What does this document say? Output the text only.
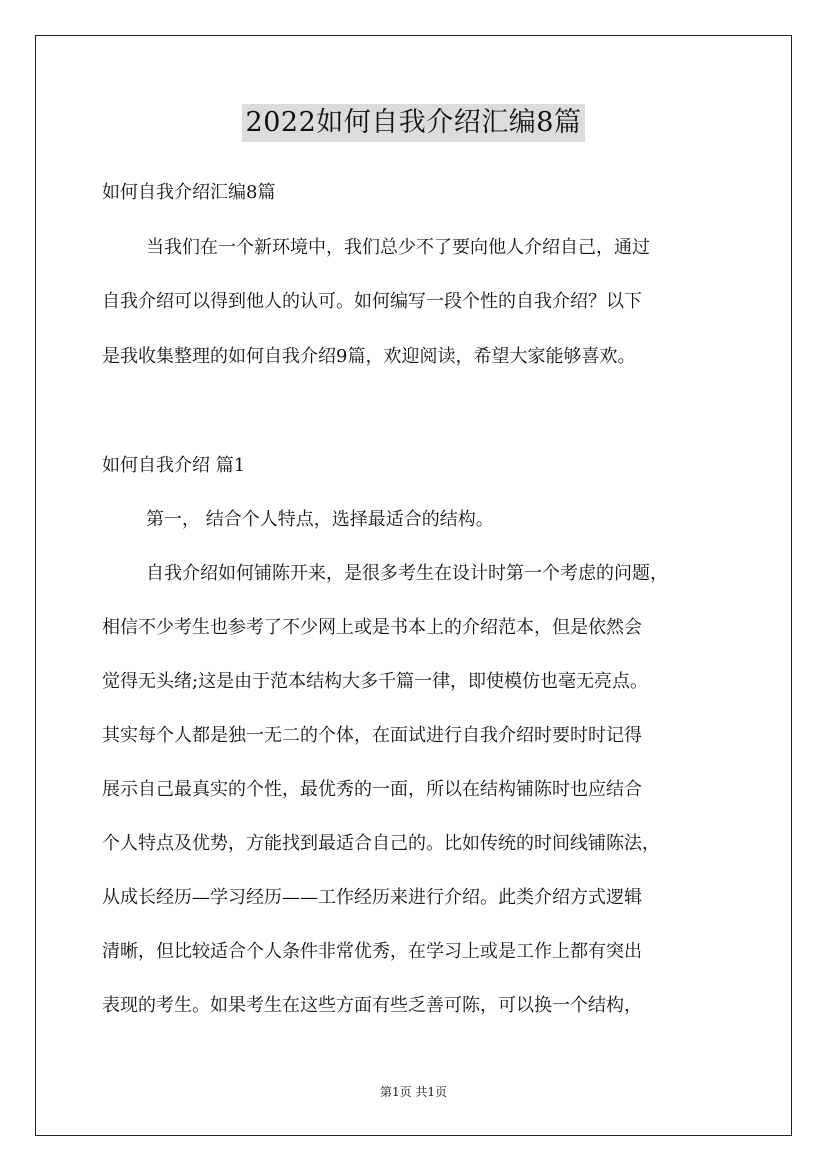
2022如何自我介绍汇编8篇
如何自我介绍汇编8篇
当我们在一个新环境中，我们总少不了要向他人介绍自己，通过
自我介绍可以得到他人的认可。如何编写一段个性的自我介绍？以下
是我收集整理的如何自我介绍9篇，欢迎阅读，希望大家能够喜欢。
如何自我介绍 篇1
第一， 结合个人特点，选择最适合的结构。
自我介绍如何铺陈开来，是很多考生在设计时第一个考虑的问题，
相信不少考生也参考了不少网上或是书本上的介绍范本，但是依然会
觉得无头绪;这是由于范本结构大多千篇一律，即使模仿也毫无亮点。
其实每个人都是独一无二的个体，在面试进行自我介绍时要时时记得
展示自己最真实的个性，最优秀的一面，所以在结构铺陈时也应结合
个人特点及优势，方能找到最适合自己的。比如传统的时间线铺陈法，
从成长经历—学习经历——工作经历来进行介绍。此类介绍方式逻辑
清晰，但比较适合个人条件非常优秀，在学习上或是工作上都有突出
表现的考生。如果考生在这些方面有些乏善可陈，可以换一个结构，
第1页 共1页
